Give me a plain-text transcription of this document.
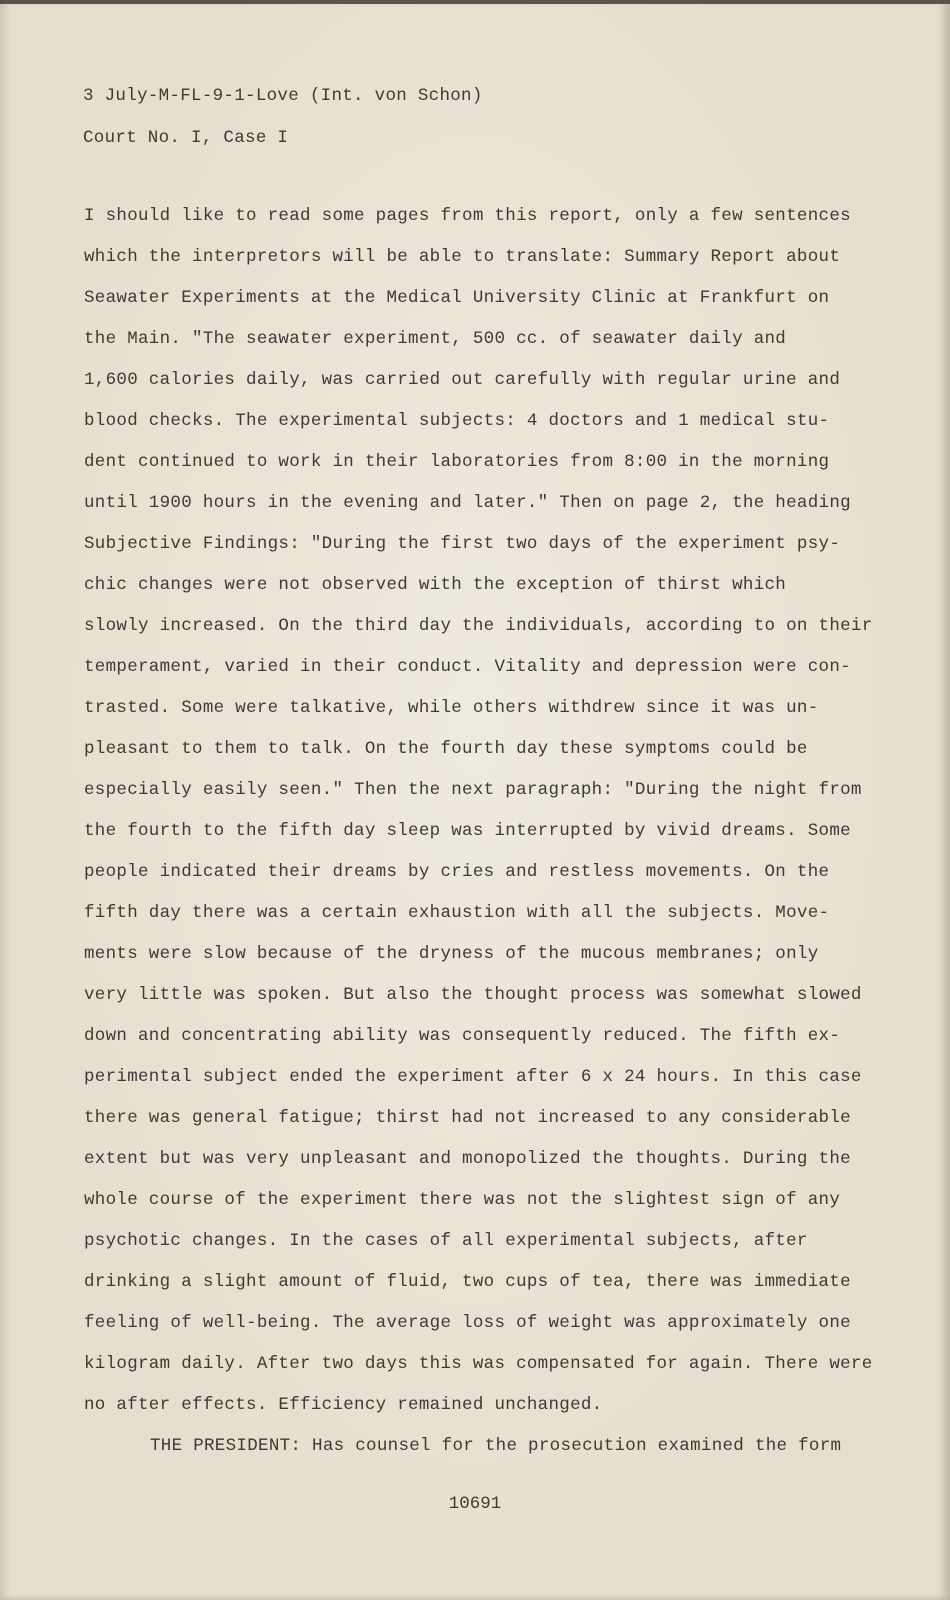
3 July-M-FL-9-1-Love (Int. von Schon)
Court No. I, Case I
I should like to read some pages from this report, only a few sentences
which the interpretors will be able to translate: Summary Report about
Seawater Experiments at the Medical University Clinic at Frankfurt on
the Main. "The seawater experiment, 500 cc. of seawater daily and
1,600 calories daily, was carried out carefully with regular urine and
blood checks. The experimental subjects: 4 doctors and 1 medical stu-
dent continued to work in their laboratories from 8:00 in the morning
until 1900 hours in the evening and later." Then on page 2, the heading
Subjective Findings: "During the first two days of the experiment psy-
chic changes were not observed with the exception of thirst which
slowly increased. On the third day the individuals, according to on their
temperament, varied in their conduct. Vitality and depression were con-
trasted. Some were talkative, while others withdrew since it was un-
pleasant to them to talk. On the fourth day these symptoms could be
especially easily seen." Then the next paragraph: "During the night from
the fourth to the fifth day sleep was interrupted by vivid dreams. Some
people indicated their dreams by cries and restless movements. On the
fifth day there was a certain exhaustion with all the subjects. Move-
ments were slow because of the dryness of the mucous membranes; only
very little was spoken. But also the thought process was somewhat slowed
down and concentrating ability was consequently reduced. The fifth ex-
perimental subject ended the experiment after 6 x 24 hours. In this case
there was general fatigue; thirst had not increased to any considerable
extent but was very unpleasant and monopolized the thoughts. During the
whole course of the experiment there was not the slightest sign of any
psychotic changes. In the cases of all experimental subjects, after
drinking a slight amount of fluid, two cups of tea, there was immediate
feeling of well-being. The average loss of weight was approximately one
kilogram daily. After two days this was compensated for again. There were
no after effects. Efficiency remained unchanged.
THE PRESIDENT: Has counsel for the prosecution examined the form
10691
